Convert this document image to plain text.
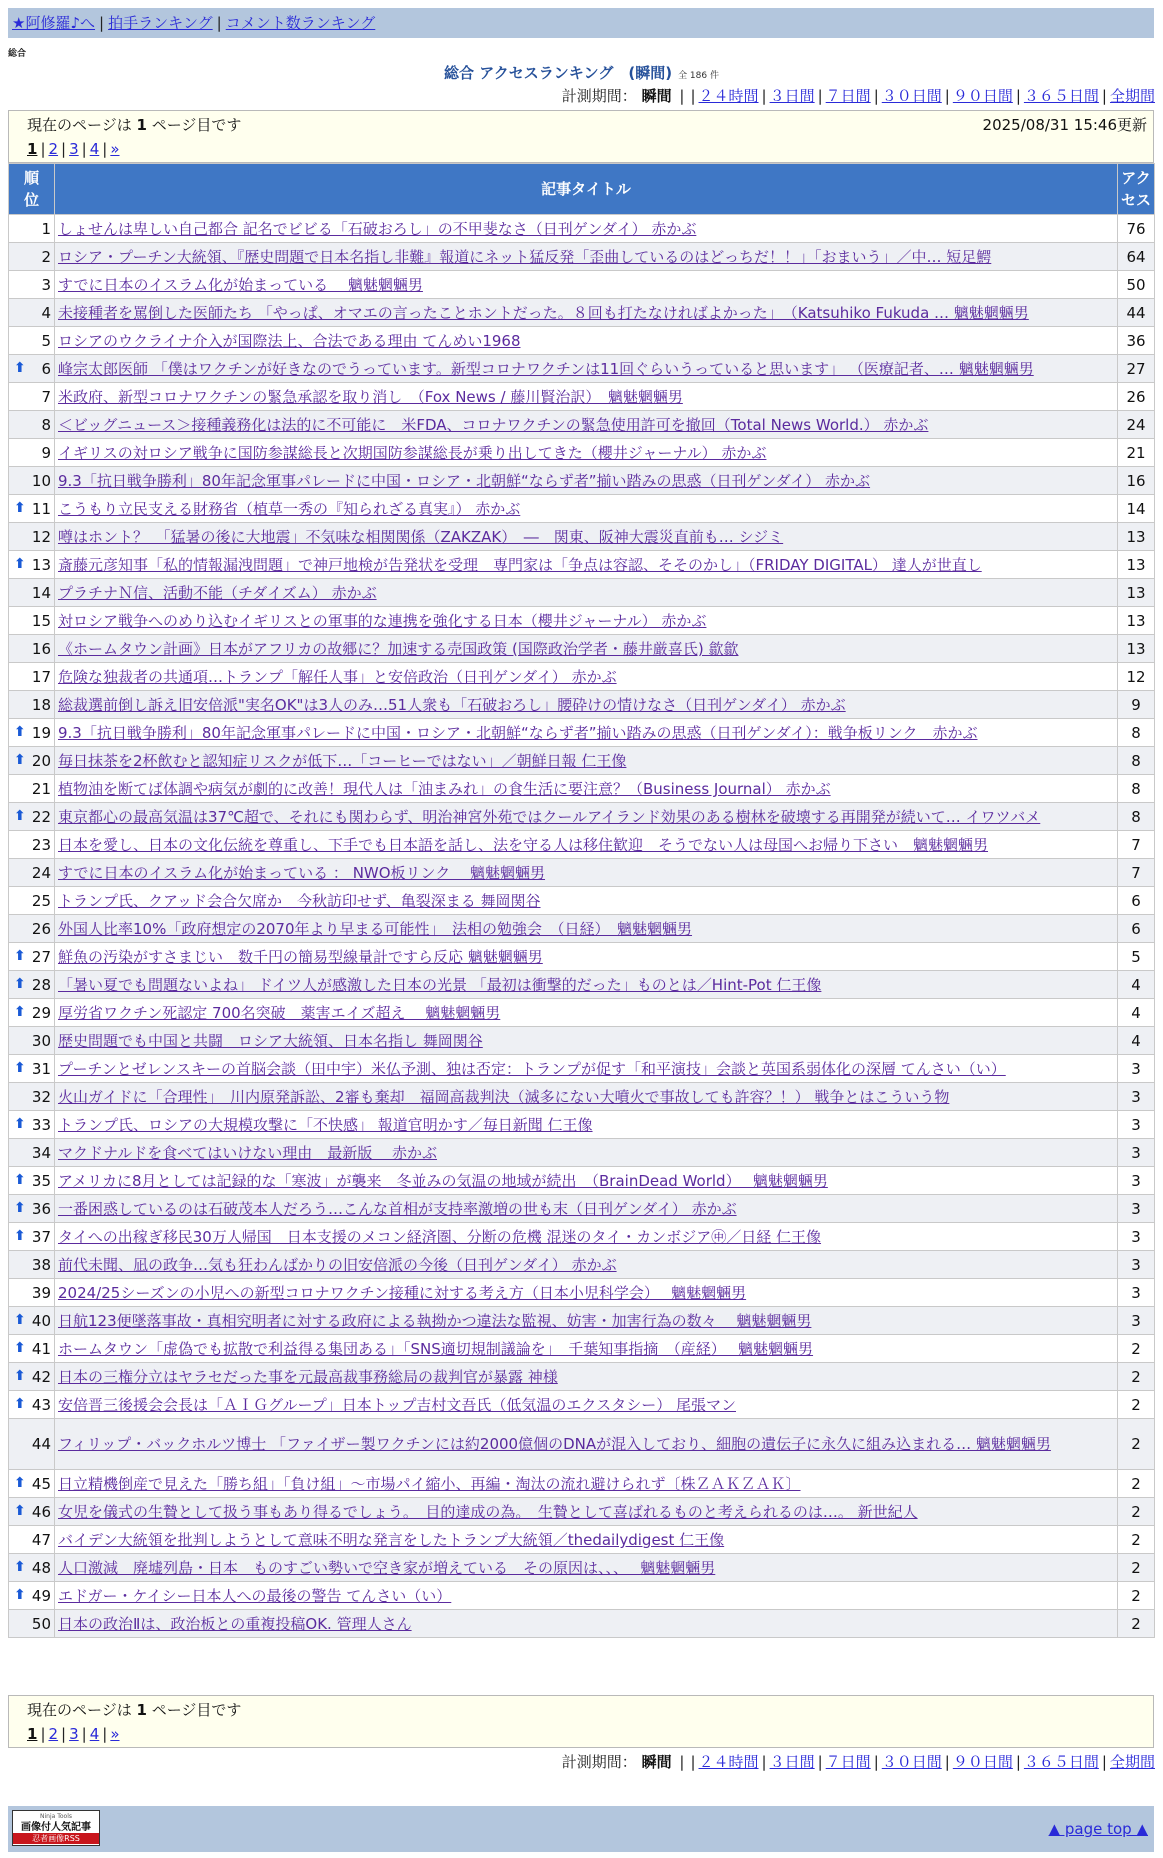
★阿修羅♪へ | 拍手ランキング | コメント数ランキング
総合
総合 アクセスランキング　(瞬間) 全 186 件
計測期間： 瞬間 | | ２４時間 | ３日間 | ７日間 | ３０日間 | ９０日間 | ３６５日間 | 全期間
現在のページは 1 ページ目です	2025/08/31 15:46更新
1 | 2 | 3 | 4 | »
順位	記事タイトル	アクセス
1	しょせんは卑しい自己都合 記名でビビる「石破おろし」の不甲斐なさ（日刊ゲンダイ） 赤かぶ	76
2	ロシア・プーチン大統領、『歴史問題で日本名指し非難』報道にネット猛反発「歪曲しているのはどっちだ！！」「おまいう」／中… 短足鰐	64
3	すでに日本のイスラム化が始まっている　 魑魅魍魎男	50
4	未接種者を罵倒した医師たち 「やっぱ、オマエの言ったことホントだった。８回も打たなければよかった」　（Katsuhiko Fukuda … 魑魅魍魎男	44
5	ロシアのウクライナ介入が国際法上、合法である理由 てんめい1968	36

⬆ 6	峰宗太郎医師 「僕はワクチンが好きなのでうっています。新型コロナワクチンは11回ぐらいうっていると思います」 （医療記者、… 魑魅魍魎男	27
7	米政府、新型コロナワクチンの緊急承認を取り消し　（Fox News / 藤川賢治訳）　魑魅魍魎男	26
8	＜ビッグニュース＞接種義務化は法的に不可能に　米FDA、コロナワクチンの緊急使用許可を撤回（Total News World.） 赤かぶ	24
9	イギリスの対ロシア戦争に国防参謀総長と次期国防参謀総長が乗り出してきた（櫻井ジャーナル） 赤かぶ	21
10	9.3「抗日戦争勝利」80年記念軍事パレードに中国・ロシア・北朝鮮“ならず者”揃い踏みの思惑（日刊ゲンダイ） 赤かぶ	16

⬆ 11	こうもり立民支える財務省（植草一秀の『知られざる真実』） 赤かぶ	14
12	噂はホント？　「猛暑の後に大地震」不気味な相関関係（ZAKZAK）　―　関東、阪神大震災直前も… シジミ	13

⬆ 13	斎藤元彦知事「私的情報漏洩問題」で神戸地検が告発状を受理　専門家は「争点は容認、そそのかし」（FRIDAY DIGITAL） 達人が世直し	13
14	プラチナＮ信、活動不能（チダイズム） 赤かぶ	13
15	対ロシア戦争へのめり込むイギリスとの軍事的な連携を強化する日本（櫻井ジャーナル） 赤かぶ	13
16	《ホームタウン計画》日本がアフリカの故郷に？加速する売国政策 (国際政治学者・藤井厳喜氏) 歙歙	13
17	危険な独裁者の共通項…トランプ「解任人事」と安倍政治（日刊ゲンダイ） 赤かぶ	12
18	総裁選前倒し訴え旧安倍派"実名OK"は3人のみ…51人衆も「石破おろし」腰砕けの情けなさ（日刊ゲンダイ） 赤かぶ	9

⬆ 19	9.3「抗日戦争勝利」80年記念軍事パレードに中国・ロシア・北朝鮮“ならず者”揃い踏みの思惑（日刊ゲンダイ）：戦争板リンク　赤かぶ	8

⬆ 20	毎日抹茶を2杯飲むと認知症リスクが低下…「コーヒーではない」／朝鮮日報 仁王像	8
21	植物油を断てば体調や病気が劇的に改善！現代人は「油まみれ」の食生活に要注意？（Business Journal） 赤かぶ	8

⬆ 22	東京都心の最高気温は37℃超で、それにも関わらず、明治神宮外苑ではクールアイランド効果のある樹林を破壊する再開発が続いて… イワツバメ	8
23	日本を愛し、日本の文化伝統を尊重し、下手でも日本語を話し、法を守る人は移住歓迎　そうでない人は母国へお帰り下さい　魑魅魍魎男	7
24	すでに日本のイスラム化が始まっている ： NWO板リンク　 魑魅魍魎男	7
25	トランプ氏、クアッド会合欠席か　今秋訪印せず、亀裂深まる 舞岡関谷	6
26	外国人比率10%「政府想定の2070年より早まる可能性」　法相の勉強会　（日経）　魑魅魍魎男	6

⬆ 27	鮮魚の汚染がすさまじい　数千円の簡易型線量計ですら反応 魑魅魍魎男	5

⬆ 28	「暑い夏でも問題ないよね」 ドイツ人が感激した日本の光景 「最初は衝撃的だった」ものとは／Hint-Pot 仁王像	4

⬆ 29	厚労省ワクチン死認定 700名突破　薬害エイズ超え　 魑魅魍魎男	4
30	歴史問題でも中国と共闘　ロシア大統領、日本名指し 舞岡関谷	4

⬆ 31	プーチンとゼレンスキーの首脳会談（田中宇）米仏予測、独は否定：トランプが促す「和平演技」会談と英国系弱体化の深層 てんさい（い）	3
32	火山ガイドに「合理性」　川内原発訴訟、2審も棄却　福岡高裁判決（滅多にない大噴火で事故しても許容？！） 戦争とはこういう物	3

⬆ 33	トランプ氏、ロシアの大規模攻撃に「不快感」 報道官明かす／毎日新聞 仁王像	3
34	マクドナルドを食べてはいけない理由　最新版　 赤かぶ	3

⬆ 35	アメリカに8月としては記録的な「寒波」が襲来　冬並みの気温の地域が続出　（BrainDead World）　 魑魅魍魎男	3

⬆ 36	一番困惑しているのは石破茂本人だろう…こんな首相が支持率激増の世も末（日刊ゲンダイ） 赤かぶ	3

⬆ 37	タイへの出稼ぎ移民30万人帰国　日本支援のメコン経済圏、分断の危機 混迷のタイ・カンボジア㊥／日経 仁王像	3
38	前代未聞、凪の政争…気も狂わんばかりの旧安倍派の今後（日刊ゲンダイ） 赤かぶ	3
39	2024/25シーズンの小児への新型コロナワクチン接種に対する考え方（日本小児科学会）　 魑魅魍魎男	3

⬆ 40	日航123便墜落事故・真相究明者に対する政府による執拗かつ違法な監視、妨害・加害行為の数々　 魑魅魍魎男	3

⬆ 41	ホームタウン「虚偽でも拡散で利益得る集団ある」「SNS適切規制議論を」　千葉知事指摘　（産経）　 魑魅魍魎男	2

⬆ 42	日本の三権分立はヤラセだった事を元最高裁事務総局の裁判官が暴露 神様	2

⬆ 43	安倍晋三後援会会長は「ＡＩＧグループ」日本トップ吉村文吾氏（低気温のエクスタシー） 尾張マン	2
44	フィリップ・バックホルツ博士 「ファイザー製ワクチンには約2000億個のDNAが混入しており、細胞の遺伝子に永久に組み込まれる… 魑魅魍魎男	2

⬆ 45	日立精機倒産で見えた「勝ち組」「負け組」～市場パイ縮小、再編・淘汰の流れ避けられず〔株ＺＡＫＺＡＫ〕	2

⬆ 46	女児を儀式の生贄として扱う事もあり得るでしょう。　目的達成の為。　生贄として喜ばれるものと考えられるのは…。 新世紀人	2
47	バイデン大統領を批判しようとして意味不明な発言をしたトランプ大統領／thedailydigest 仁王像	2

⬆ 48	人口激減　廃墟列島・日本　ものすごい勢いで空き家が増えている　その原因は、、、　 魑魅魍魎男	2

⬆ 49	エドガー・ケイシー日本人への最後の警告 てんさい（い）	2
50	日本の政治Ⅱは、政治板との重複投稿OK. 管理人さん	2
現在のページは 1 ページ目です
1 | 2 | 3 | 4 | »
計測期間： 瞬間 | | ２４時間 | ３日間 | ７日間 | ３０日間 | ９０日間 | ３６５日間 | 全期間
Ninja Tools
画像付人気記事
忍者画像RSS
▲ page top ▲
